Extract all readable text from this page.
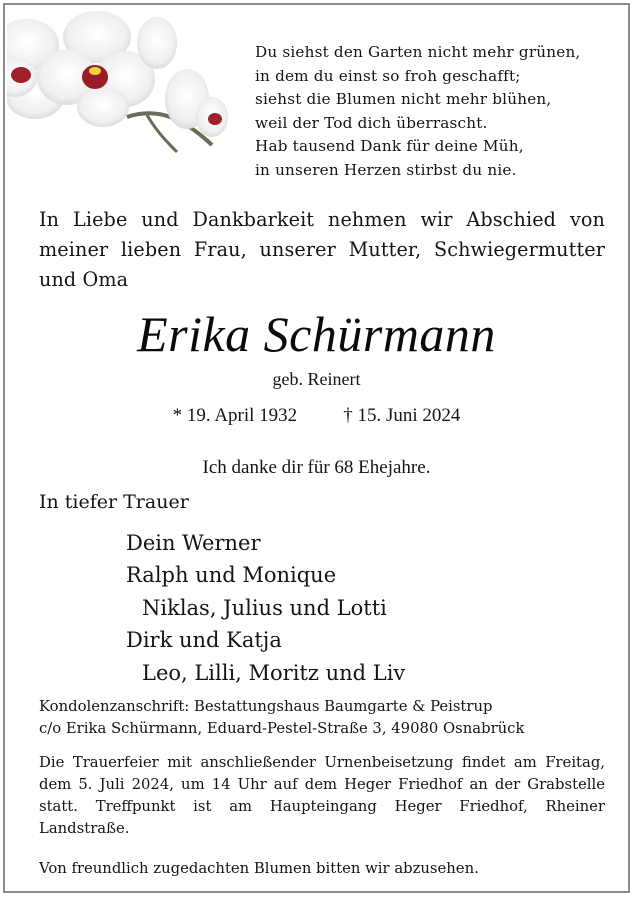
Du siehst den Garten nicht mehr grünen,
in dem du einst so froh geschafft;
siehst die Blumen nicht mehr blühen,
weil der Tod dich überrascht.
Hab tausend Dank für deine Müh,
in unseren Herzen stirbst du nie.
In Liebe und Dankbarkeit nehmen wir Abschied von meiner lieben Frau, unserer Mutter, Schwiegermutter und Oma
Erika Schürmann
geb. Reinert
* 19. April 1932 † 15. Juni 2024
Ich danke dir für 68 Ehejahre.
In tiefer Trauer
Dein Werner
Ralph und Monique
Niklas, Julius und Lotti
Dirk und Katja
Leo, Lilli, Moritz und Liv
Kondolenzanschrift: Bestattungshaus Baumgarte & Peistrup
c/o Erika Schürmann, Eduard-Pestel-Straße 3, 49080 Osnabrück
Die Trauerfeier mit anschließender Urnenbeisetzung findet am Freitag, dem 5. Juli 2024, um 14 Uhr auf dem Heger Friedhof an der Grabstelle statt. Treffpunkt ist am Haupteingang Heger Friedhof, Rheiner Landstraße.
Von freundlich zugedachten Blumen bitten wir abzusehen.
